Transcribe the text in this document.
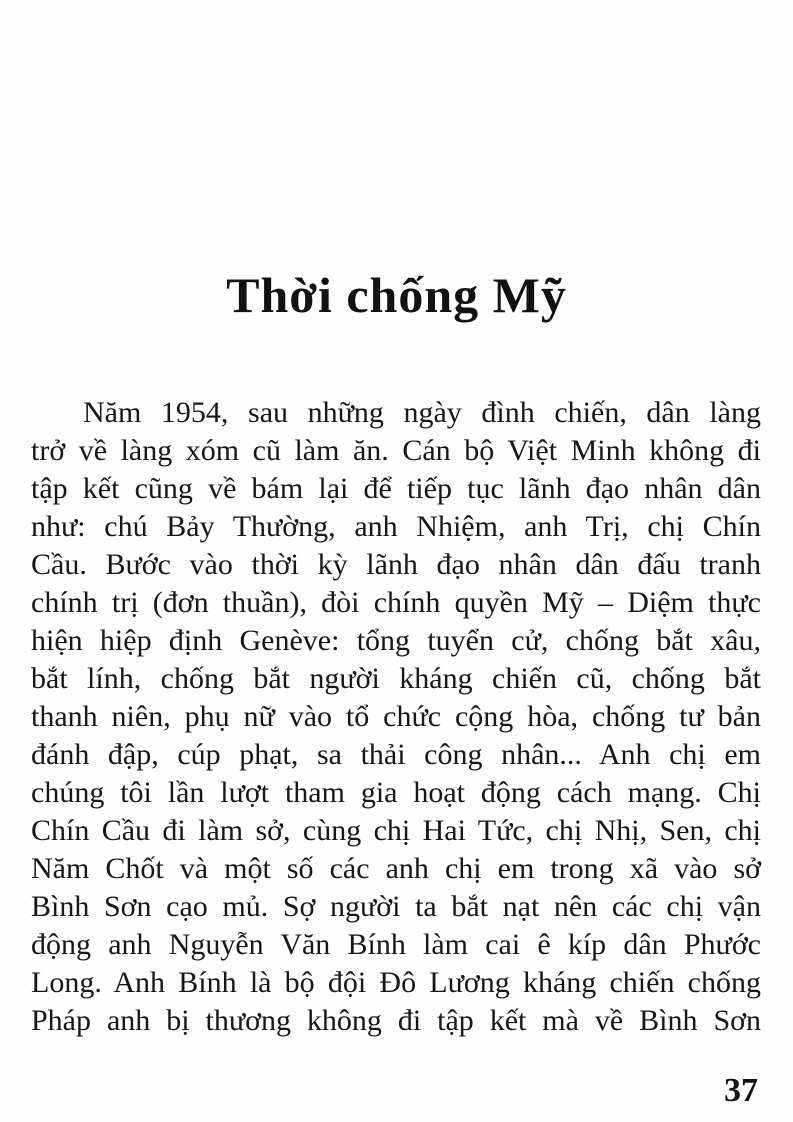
Thời chống Mỹ
Năm 1954, sau những ngày đình chiến, dân làng
trở về làng xóm cũ làm ăn. Cán bộ Việt Minh không đi
tập kết cũng về bám lại để tiếp tục lãnh đạo nhân dân
như: chú Bảy Thường, anh Nhiệm, anh Trị, chị Chín
Cầu. Bước vào thời kỳ lãnh đạo nhân dân đấu tranh
chính trị (đơn thuần), đòi chính quyền Mỹ – Diệm thực
hiện hiệp định Genève: tổng tuyển cử, chống bắt xâu,
bắt lính, chống bắt người kháng chiến cũ, chống bắt
thanh niên, phụ nữ vào tổ chức cộng hòa, chống tư bản
đánh đập, cúp phạt, sa thải công nhân... Anh chị em
chúng tôi lần lượt tham gia hoạt động cách mạng. Chị
Chín Cầu đi làm sở, cùng chị Hai Tức, chị Nhị, Sen, chị
Năm Chốt và một số các anh chị em trong xã vào sở
Bình Sơn cạo mủ. Sợ người ta bắt nạt nên các chị vận
động anh Nguyễn Văn Bính làm cai ê kíp dân Phước
Long. Anh Bính là bộ đội Đô Lương kháng chiến chống
Pháp anh bị thương không đi tập kết mà về Bình Sơn
37
